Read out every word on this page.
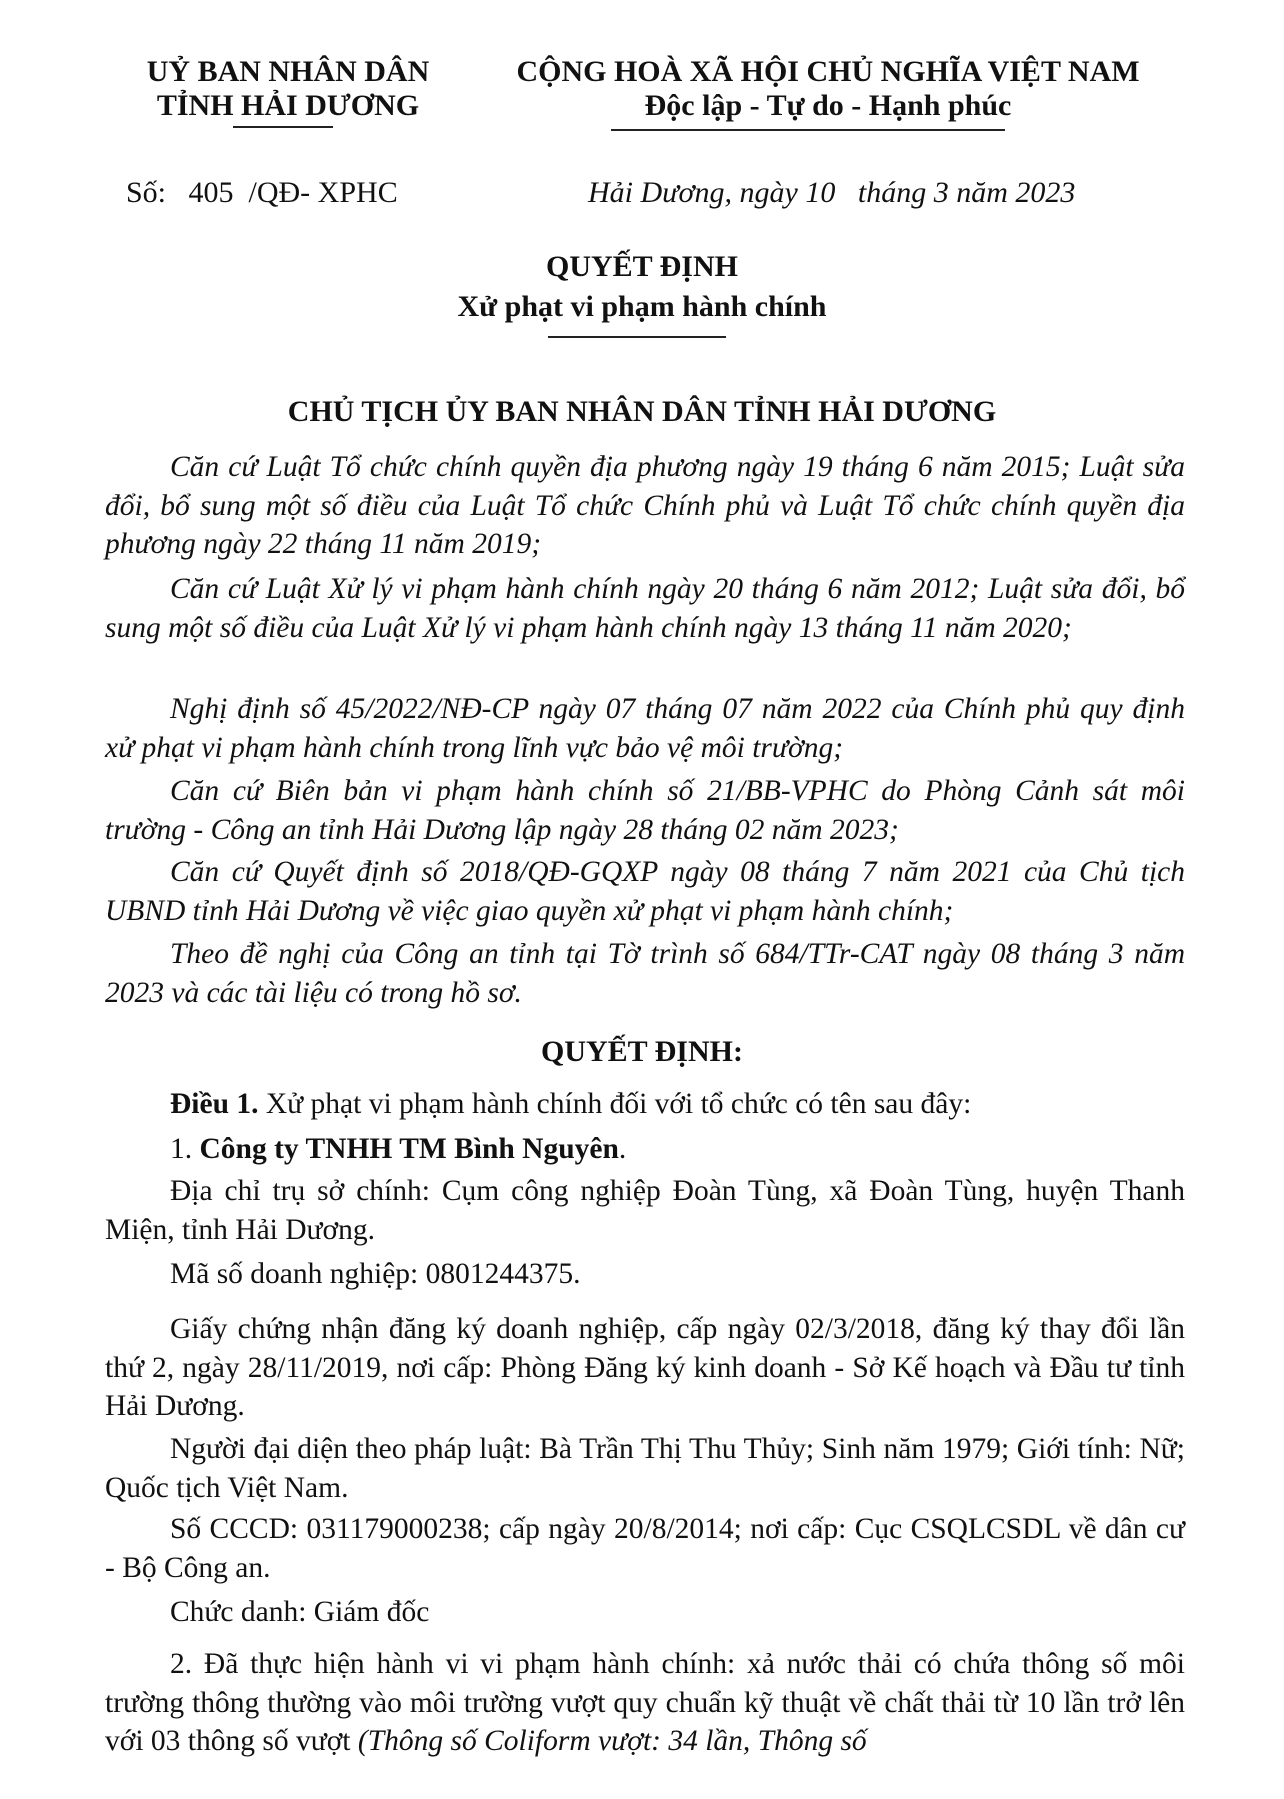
UỶ BAN NHÂN DÂN
TỈNH HẢI DƯƠNG
CỘNG HOÀ XÃ HỘI CHỦ NGHĨA VIỆT NAM
Độc lập - Tự do - Hạnh phúc
Số:   405  /QĐ- XPHC	Hải Dương, ngày 10   tháng 3 năm 2023
QUYẾT ĐỊNH
Xử phạt vi phạm hành chính
CHỦ TỊCH ỦY BAN NHÂN DÂN TỈNH HẢI DƯƠNG
Căn cứ Luật Tổ chức chính quyền địa phương ngày 19 tháng 6 năm 2015; Luật sửa đổi, bổ sung một số điều của Luật Tổ chức Chính phủ và Luật Tổ chức chính quyền địa phương ngày 22 tháng 11 năm 2019;
Căn cứ Luật Xử lý vi phạm hành chính ngày 20 tháng 6 năm 2012; Luật sửa đổi, bổ sung một số điều của Luật Xử lý vi phạm hành chính ngày 13 tháng 11 năm 2020;
Nghị định số 45/2022/NĐ-CP ngày 07 tháng 07 năm 2022 của Chính phủ quy định xử phạt vi phạm hành chính trong lĩnh vực bảo vệ môi trường;
Căn cứ Biên bản vi phạm hành chính số 21/BB-VPHC do Phòng Cảnh sát môi trường - Công an tỉnh Hải Dương lập ngày 28 tháng 02 năm 2023;
Căn cứ Quyết định số 2018/QĐ-GQXP ngày 08 tháng 7 năm 2021 của Chủ tịch UBND tỉnh Hải Dương về việc giao quyền xử phạt vi phạm hành chính;
Theo đề nghị của Công an tỉnh tại Tờ trình số 684/TTr-CAT ngày 08 tháng 3 năm 2023 và các tài liệu có trong hồ sơ.
QUYẾT ĐỊNH:
Điều 1. Xử phạt vi phạm hành chính đối với tổ chức có tên sau đây:
1. Công ty TNHH TM Bình Nguyên.
Địa chỉ trụ sở chính: Cụm công nghiệp Đoàn Tùng, xã Đoàn Tùng, huyện Thanh Miện, tỉnh Hải Dương.
Mã số doanh nghiệp: 0801244375.
Giấy chứng nhận đăng ký doanh nghiệp, cấp ngày 02/3/2018, đăng ký thay đổi lần thứ 2, ngày 28/11/2019, nơi cấp: Phòng Đăng ký kinh doanh - Sở Kế hoạch và Đầu tư tỉnh Hải Dương.
Người đại diện theo pháp luật: Bà Trần Thị Thu Thủy; Sinh năm 1979; Giới tính: Nữ; Quốc tịch Việt Nam.
Số CCCD: 031179000238; cấp ngày 20/8/2014; nơi cấp: Cục CSQLCSDL về dân cư - Bộ Công an.
Chức danh: Giám đốc
2. Đã thực hiện hành vi vi phạm hành chính: xả nước thải có chứa thông số môi trường thông thường vào môi trường vượt quy chuẩn kỹ thuật về chất thải từ 10 lần trở lên với 03 thông số vượt (Thông số Coliform vượt: 34 lần, Thông số
